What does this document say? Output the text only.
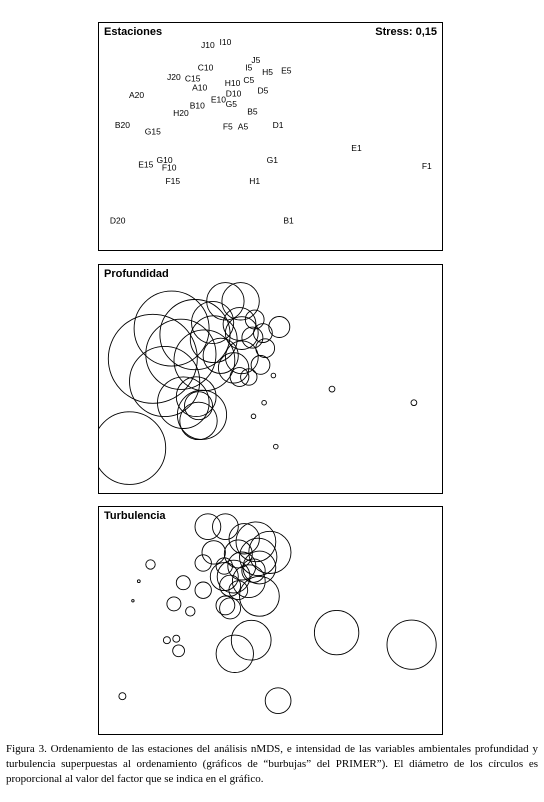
Estaciones	Stress: 0,15
J10 I10
J5
C10	I5 H5 E5
J20 C15	C5
H10
A10	D5
D10
A20	E10 G5
B10
B5
H20
B20	F5 A5	D1
G15
E1
G10
E15 F10
G1
F1
F15	H1
D20	B1
Profundidad
Turbulencia
Figura 3. Ordenamiento de las estaciones del análisis nMDS, e intensidad de las variables ambientales profundidad y turbulencia superpuestas al ordenamiento (gráficos de “burbujas” del PRIMER”). El diámetro de los círculos es proporcional al valor del factor que se indica en el gráfico.
